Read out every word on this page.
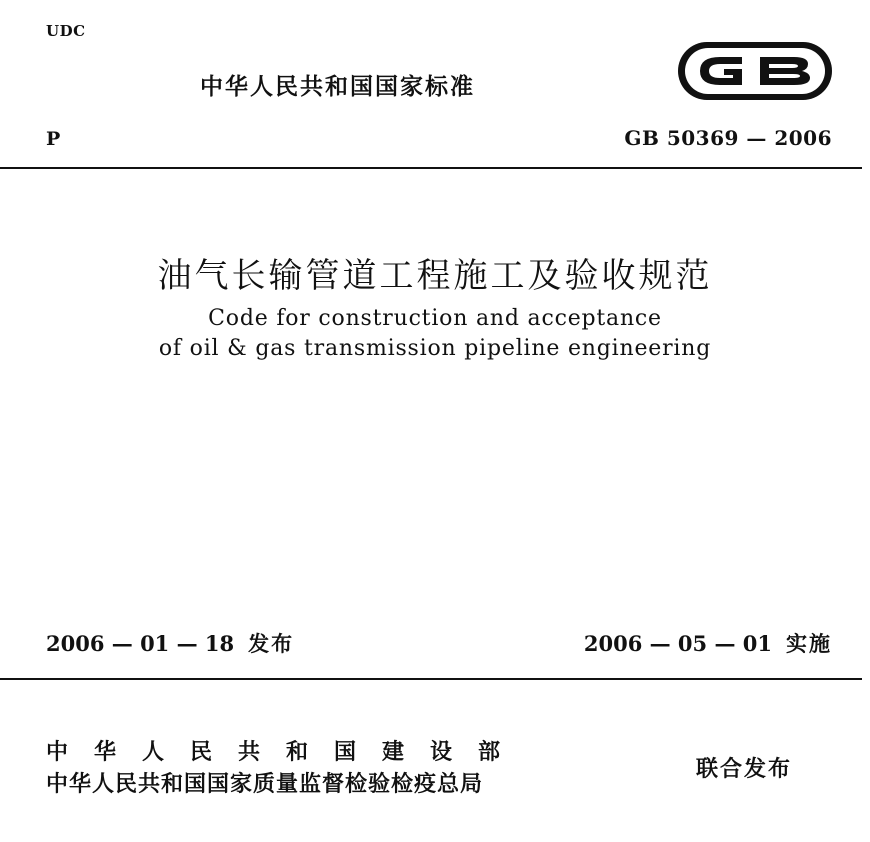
UDC
中华人民共和国国家标准
P	GB 50369 — 2006
油气长输管道工程施工及验收规范
Code for construction and acceptance
of oil & gas transmission pipeline engineering
2006 — 01 — 18 发布	2006 — 05 — 01 实施
中华人民共和国建设部
中华人民共和国国家质量监督检验检疫总局
联合发布
